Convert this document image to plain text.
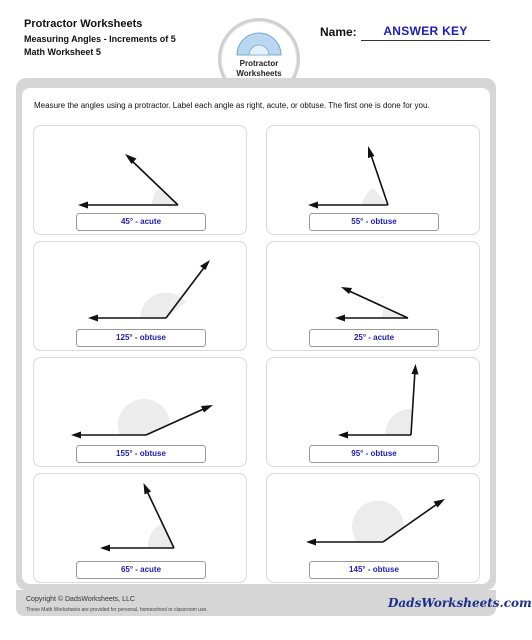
Protractor Worksheets
Measuring Angles - Increments of 5
Math Worksheet 5
Protractor
Worksheets
Name:	ANSWER KEY
Measure the angles using a protractor. Label each angle as right, acute, or obtuse. The first one is done for you.
45° - acute	55° - obtuse
125° - obtuse	25° - acute
155° - obtuse	95° - obtuse
65° - acute	145° - obtuse
Copyright © DadsWorksheets, LLC
These Math Worksheets are provided for personal, homeschool or classroom use.	DadsWorksheets.com
